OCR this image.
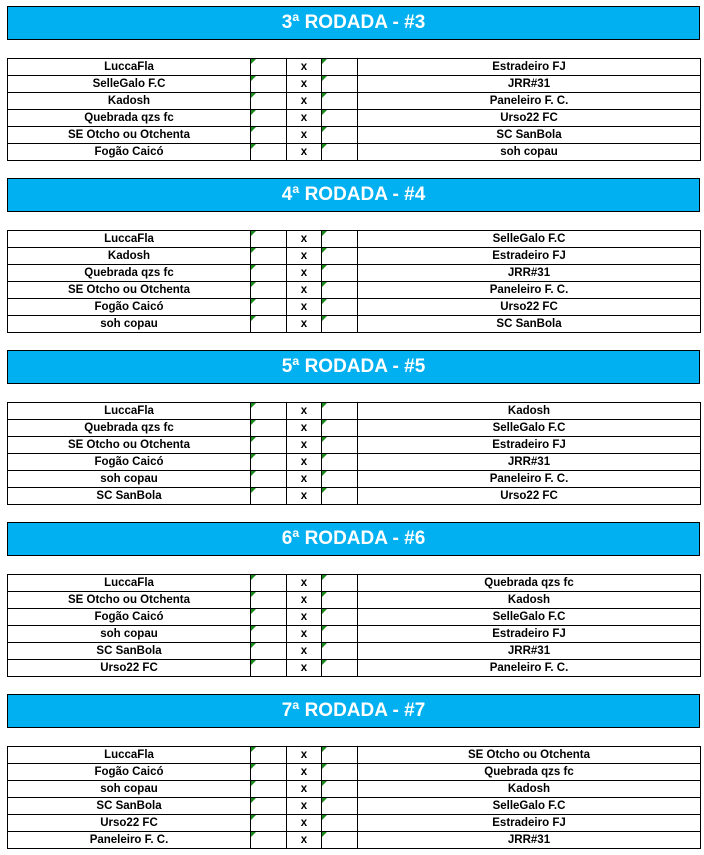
3ª RODADA - #3
LuccaFla		x		Estradeiro FJ
SelleGalo F.C		x		JRR#31
Kadosh		x		Paneleiro F. C.
Quebrada qzs fc		x		Urso22 FC
SE Otcho ou Otchenta		x		SC SanBola
Fogão Caicó		x		soh copau
4ª RODADA - #4
LuccaFla		x		SelleGalo F.C
Kadosh		x		Estradeiro FJ
Quebrada qzs fc		x		JRR#31
SE Otcho ou Otchenta		x		Paneleiro F. C.
Fogão Caicó		x		Urso22 FC
soh copau		x		SC SanBola
5ª RODADA - #5
LuccaFla		x		Kadosh
Quebrada qzs fc		x		SelleGalo F.C
SE Otcho ou Otchenta		x		Estradeiro FJ
Fogão Caicó		x		JRR#31
soh copau		x		Paneleiro F. C.
SC SanBola		x		Urso22 FC
6ª RODADA - #6
LuccaFla		x		Quebrada qzs fc
SE Otcho ou Otchenta		x		Kadosh
Fogão Caicó		x		SelleGalo F.C
soh copau		x		Estradeiro FJ
SC SanBola		x		JRR#31
Urso22 FC		x		Paneleiro F. C.
7ª RODADA - #7
LuccaFla		x		SE Otcho ou Otchenta
Fogão Caicó		x		Quebrada qzs fc
soh copau		x		Kadosh
SC SanBola		x		SelleGalo F.C
Urso22 FC		x		Estradeiro FJ
Paneleiro F. C.		x		JRR#31
